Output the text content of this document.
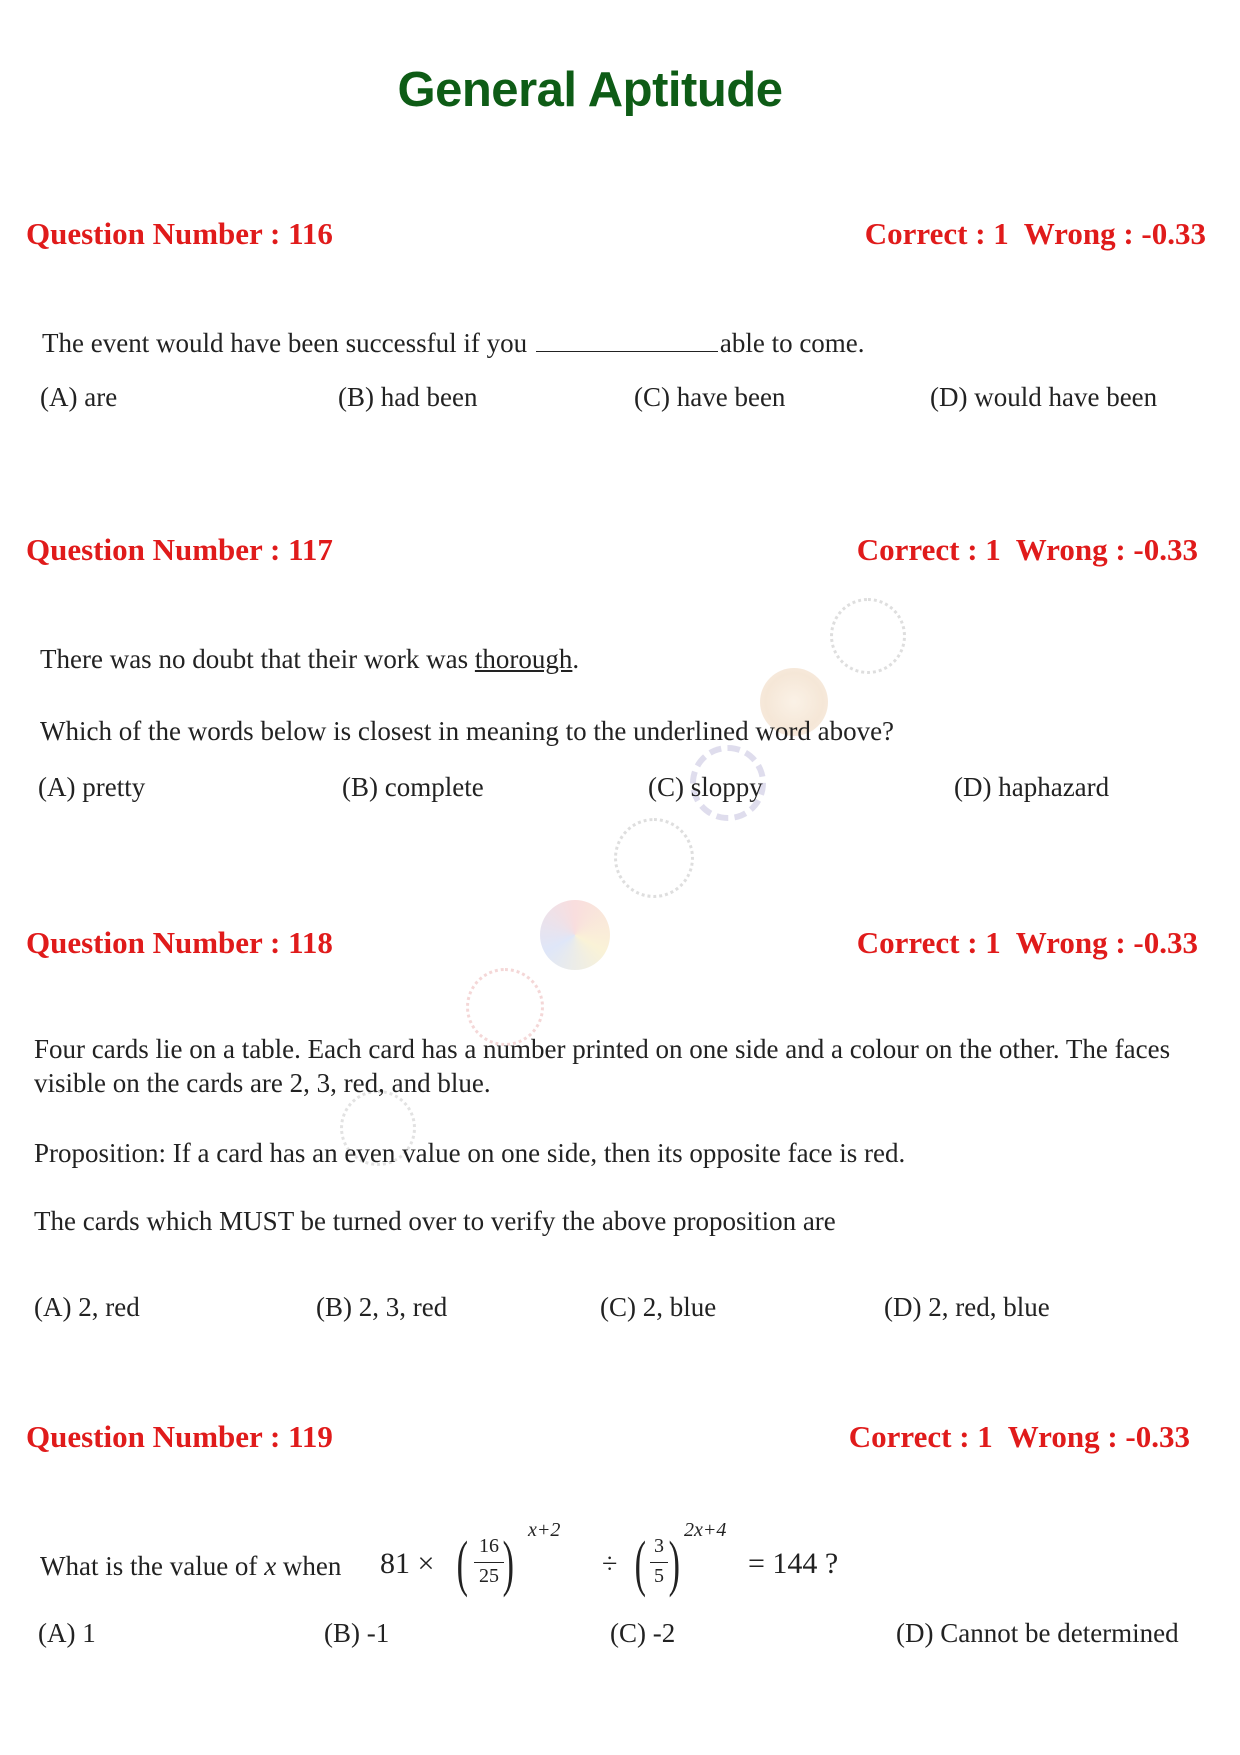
General Aptitude
Question Number : 116	Correct : 1  Wrong : -0.33
The event would have been successful if you	able to come.
(A) are	(B) had been	(C) have been	(D) would have been
Question Number : 117	Correct : 1  Wrong : -0.33
There was no doubt that their work was thorough.
Which of the words below is closest in meaning to the underlined word above?
(A) pretty	(B) complete	(C) sloppy	(D) haphazard
Question Number : 118	Correct : 1  Wrong : -0.33
Four cards lie on a table. Each card has a number printed on one side and a colour on the other. The faces visible on the cards are 2, 3, red, and blue.
Proposition: If a card has an even value on one side, then its opposite face is red.
The cards which MUST be turned over to verify the above proposition are
(A) 2, red	(B) 2, 3, red	(C) 2, blue	(D) 2, red, blue
Question Number : 119	Correct : 1  Wrong : -0.33
What is the value of x when 81 × ( 16
25 ) x+2
÷ ( 3
5 ) 2x+4
= 144 ?
(A) 1	(B) -1	(C) -2	(D) Cannot be determined
